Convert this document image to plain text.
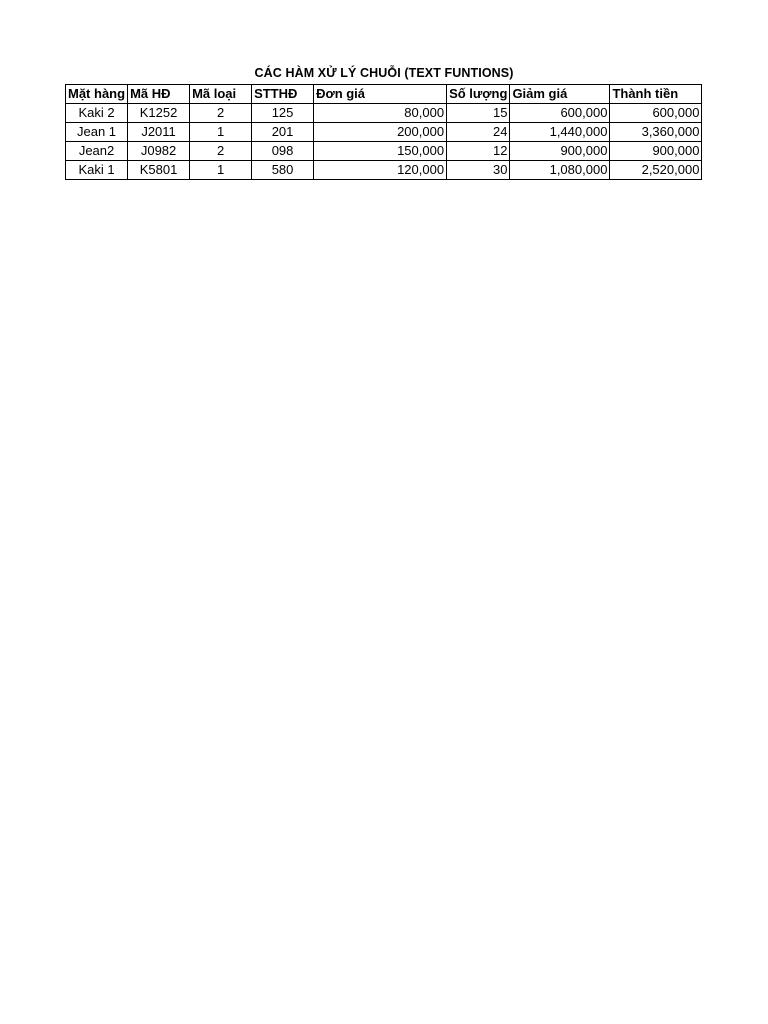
CÁC HÀM XỬ LÝ CHUỖI (TEXT FUNTIONS)
Mặt hàng	Mã HĐ	Mã loại	STTHĐ	Đơn giá	Số lượng	Giảm giá	Thành tiền
Kaki 2	K1252	2	125	80,000	15	600,000	600,000
Jean 1	J2011	1	201	200,000	24	1,440,000	3,360,000
Jean2	J0982	2	098	150,000	12	900,000	900,000
Kaki 1	K5801	1	580	120,000	30	1,080,000	2,520,000
